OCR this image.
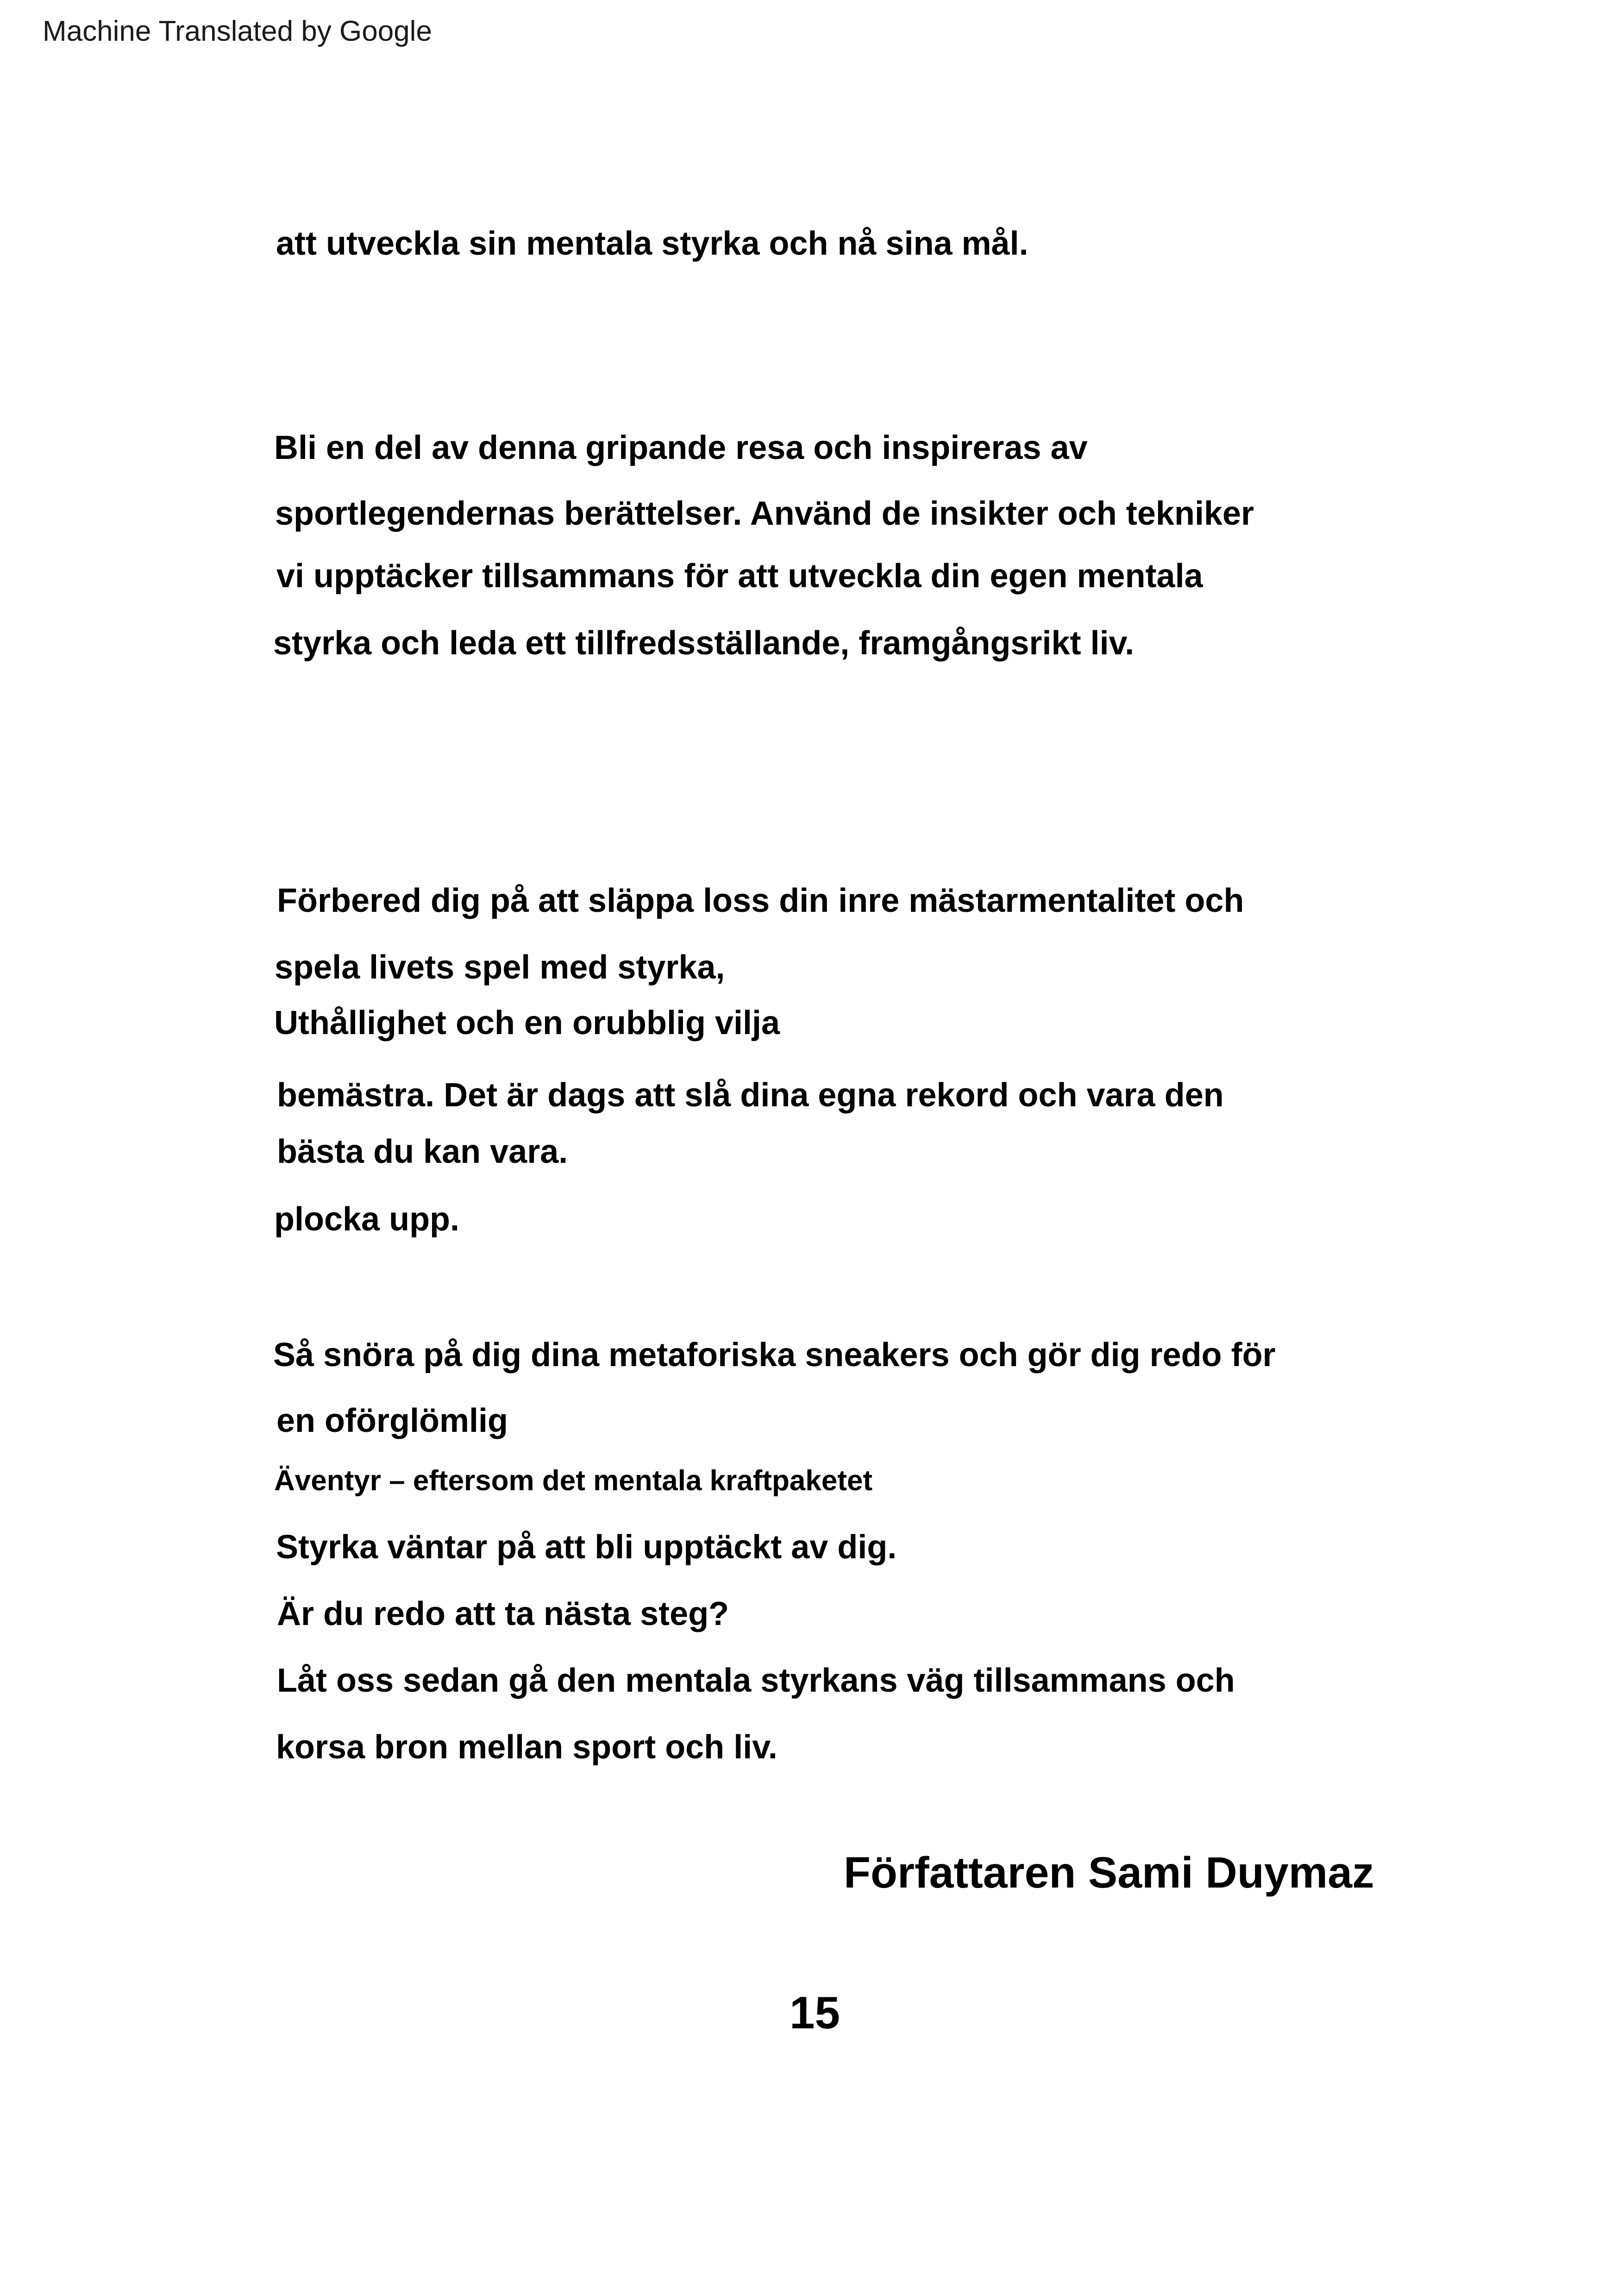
Machine Translated by Google
att utveckla sin mentala styrka och nå sina mål.
Bli en del av denna gripande resa och inspireras av
sportlegendernas berättelser. Använd de insikter och tekniker
vi upptäcker tillsammans för att utveckla din egen mentala
styrka och leda ett tillfredsställande, framgångsrikt liv.
Förbered dig på att släppa loss din inre mästarmentalitet och
spela livets spel med styrka,
Uthållighet och en orubblig vilja
bemästra. Det är dags att slå dina egna rekord och vara den
bästa du kan vara.
plocka upp.
Så snöra på dig dina metaforiska sneakers och gör dig redo för
en oförglömlig
Äventyr – eftersom det mentala kraftpaketet
Styrka väntar på att bli upptäckt av dig.
Är du redo att ta nästa steg?
Låt oss sedan gå den mentala styrkans väg tillsammans och
korsa bron mellan sport och liv.
Författaren Sami Duymaz
15
